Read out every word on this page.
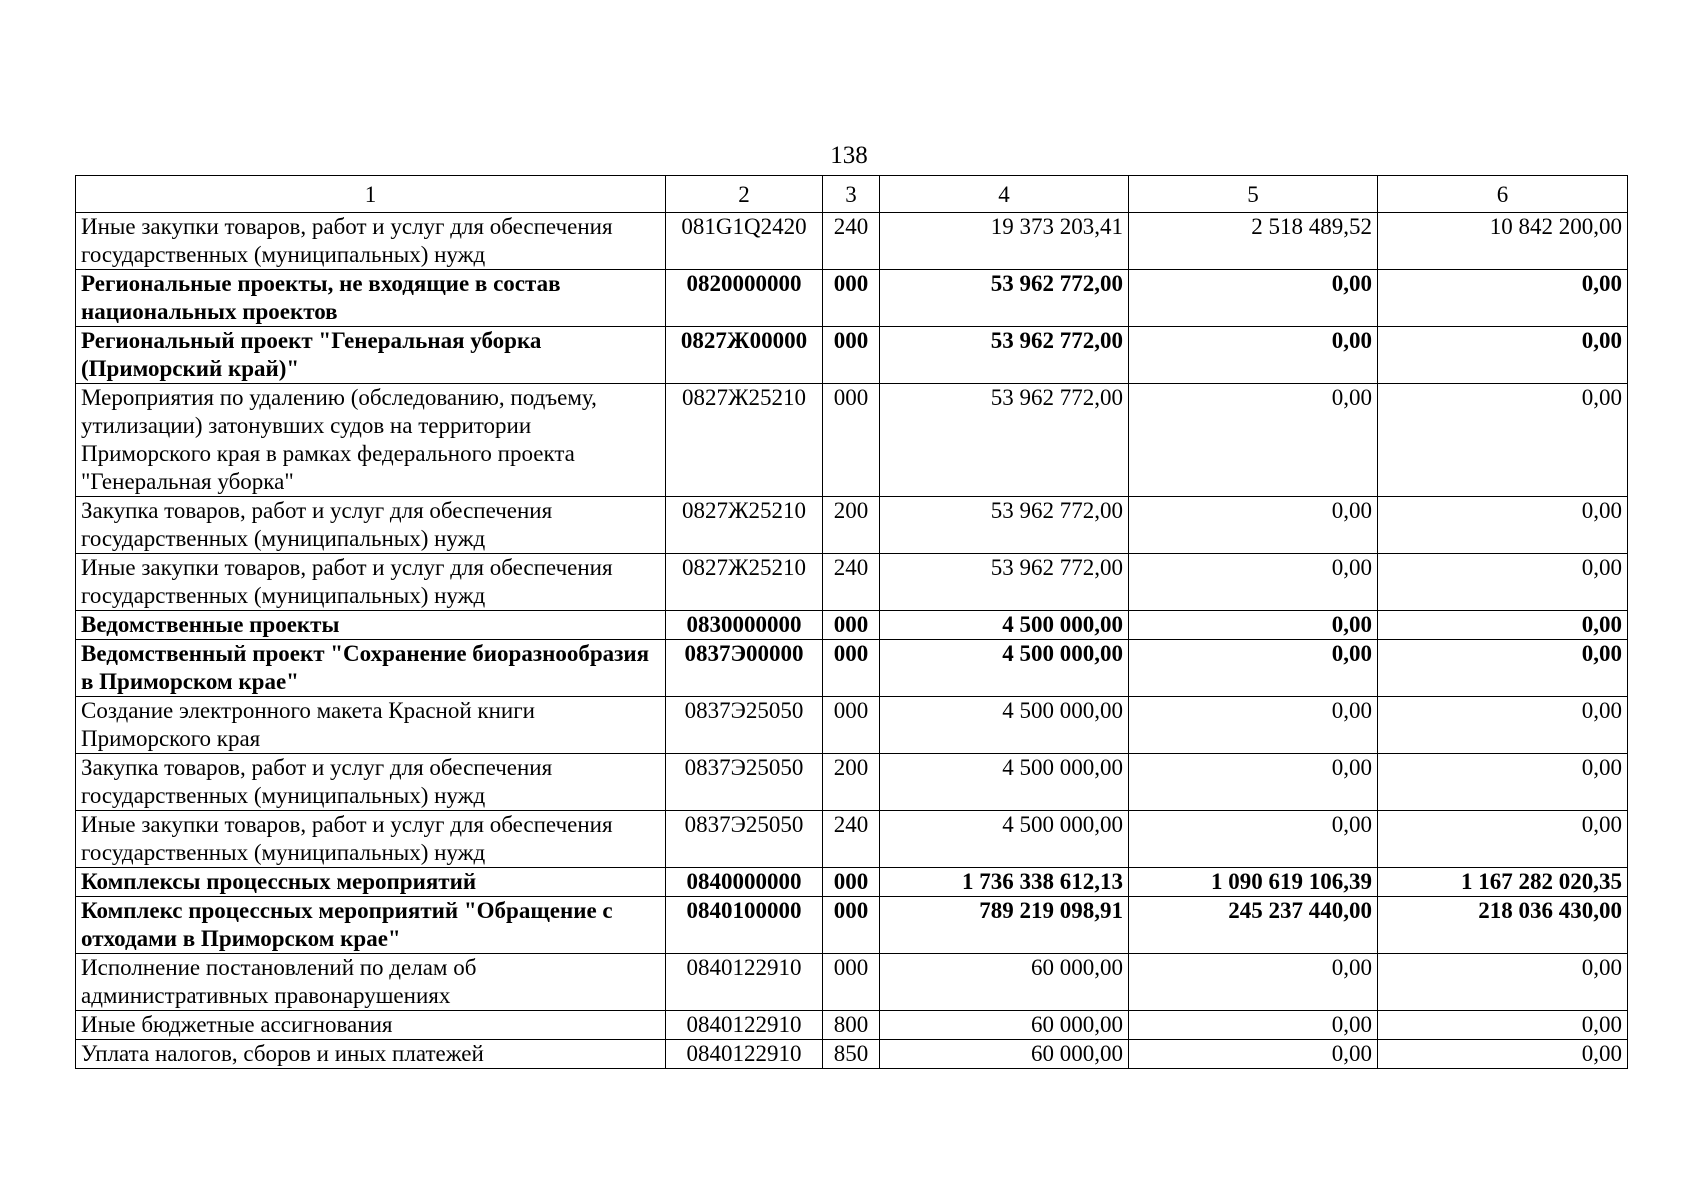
138
1	2	3	4	5	6
Иные закупки товаров, работ и услуг для обеспечения государственных (муниципальных) нужд	081G1Q2420	240	19 373 203,41	2 518 489,52	10 842 200,00
Региональные проекты, не входящие в состав национальных проектов	0820000000	000	53 962 772,00	0,00	0,00
Региональный проект "Генеральная уборка (Приморский край)"	0827Ж00000	000	53 962 772,00	0,00	0,00
Мероприятия по удалению (обследованию, подъему, утилизации) затонувших судов на территории Приморского края в рамках федерального проекта "Генеральная уборка"	0827Ж25210	000	53 962 772,00	0,00	0,00
Закупка товаров, работ и услуг для обеспечения государственных (муниципальных) нужд	0827Ж25210	200	53 962 772,00	0,00	0,00
Иные закупки товаров, работ и услуг для обеспечения государственных (муниципальных) нужд	0827Ж25210	240	53 962 772,00	0,00	0,00
Ведомственные проекты	0830000000	000	4 500 000,00	0,00	0,00
Ведомственный проект "Сохранение биоразнообразия в Приморском крае"	0837Э00000	000	4 500 000,00	0,00	0,00
Создание электронного макета Красной книги Приморского края	0837Э25050	000	4 500 000,00	0,00	0,00
Закупка товаров, работ и услуг для обеспечения государственных (муниципальных) нужд	0837Э25050	200	4 500 000,00	0,00	0,00
Иные закупки товаров, работ и услуг для обеспечения государственных (муниципальных) нужд	0837Э25050	240	4 500 000,00	0,00	0,00
Комплексы процессных мероприятий	0840000000	000	1 736 338 612,13	1 090 619 106,39	1 167 282 020,35
Комплекс процессных мероприятий "Обращение с отходами в Приморском крае"	0840100000	000	789 219 098,91	245 237 440,00	218 036 430,00
Исполнение постановлений по делам об административных правонарушениях	0840122910	000	60 000,00	0,00	0,00
Иные бюджетные ассигнования	0840122910	800	60 000,00	0,00	0,00
Уплата налогов, сборов и иных платежей	0840122910	850	60 000,00	0,00	0,00
